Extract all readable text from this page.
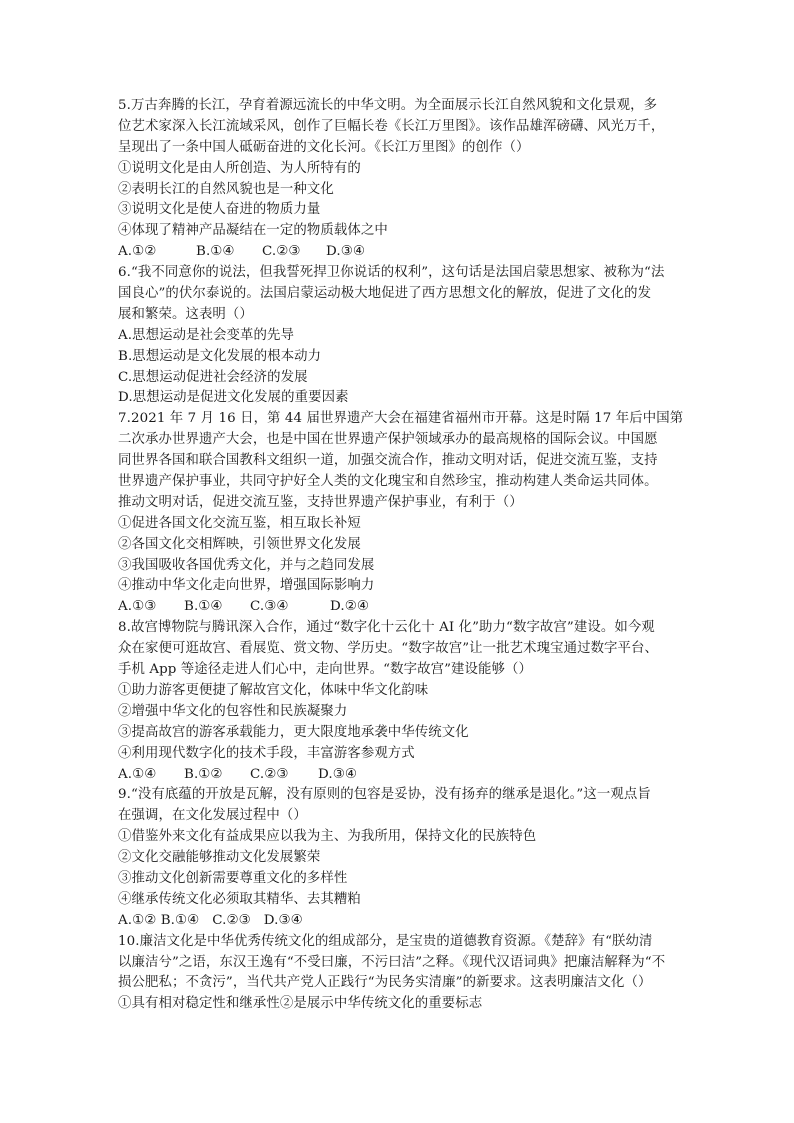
5.万古奔腾的长江，孕育着源远流长的中华文明。为全面展示长江自然风貌和文化景观，多
位艺术家深入长江流域采风，创作了巨幅长卷《长江万里图》。该作品雄浑磅礴、风光万千，
呈现出了一条中国人砥砺奋进的文化长河。《长江万里图》的创作（）
①说明文化是由人所创造、为人所特有的
②表明长江的自然风貌也是一种文化
③说明文化是使人奋进的物质力量
④体现了精神产品凝结在一定的物质载体之中
A.①②	B.①④ C.②③ D.③④
6.“我不同意你的说法，但我誓死捍卫你说话的权利”，这句话是法国启蒙思想家、被称为“法
国良心”的伏尔泰说的。法国启蒙运动极大地促进了西方思想文化的解放，促进了文化的发
展和繁荣。这表明（）
A.思想运动是社会变革的先导
B.思想运动是文化发展的根本动力
C.思想运动促进社会经济的发展
D.思想运动是促进文化发展的重要因素
7.2021 年 7 月 16 日，第 44 届世界遗产大会在福建省福州市开幕。这是时隔 17 年后中国第
二次承办世界遗产大会，也是中国在世界遗产保护领域承办的最高规格的国际会议。中国愿
同世界各国和联合国教科文组织一道，加强交流合作，推动文明对话，促进交流互鉴，支持
世界遗产保护事业，共同守护好全人类的文化瑰宝和自然珍宝，推动构建人类命运共同体。
推动文明对话，促进交流互鉴，支持世界遗产保护事业，有利于（）
①促进各国文化交流互鉴，相互取长补短
②各国文化交相辉映，引领世界文化发展
③我国吸收各国优秀文化，并与之趋同发展
④推动中华文化走向世界，增强国际影响力
A.①③ B.①④ C.③④	D.②④
8.故宫博物院与腾讯深入合作，通过“数字化十云化十 AI 化”助力“数字故宫”建设。如今观
众在家便可逛故宫、看展览、赏文物、学历史。“数字故宫”让一批艺术瑰宝通过数字平台、
手机 App 等途径走进人们心中，走向世界。“数字故宫”建设能够（）
①助力游客更便捷了解故宫文化，体味中华文化韵味
②增强中华文化的包容性和民族凝聚力
③提高故宫的游客承载能力，更大限度地承袭中华传统文化
④利用现代数字化的技术手段，丰富游客参观方式
A.①④ B.①② C.②③ D.③④
9.“没有底蕴的开放是瓦解，没有原则的包容是妥协，没有扬弃的继承是退化。”这一观点旨
在强调，在文化发展过程中（）
①借鉴外来文化有益成果应以我为主、为我所用，保持文化的民族特色
②文化交融能够推动文化发展繁荣
③推动文化创新需要尊重文化的多样性
④继承传统文化必须取其精华、去其糟粕
A.①② B.①④   C.②③   D.③④
10.廉洁文化是中华优秀传统文化的组成部分，是宝贵的道德教育资源。《楚辞》有“朕幼清
以廉洁兮”之语，东汉王逸有“不受曰廉，不污曰洁”之释。《现代汉语词典》把廉洁解释为“不
损公肥私；不贪污”，当代共产党人正践行“为民务实清廉”的新要求。这表明廉洁文化（）
①具有相对稳定性和继承性②是展示中华传统文化的重要标志
